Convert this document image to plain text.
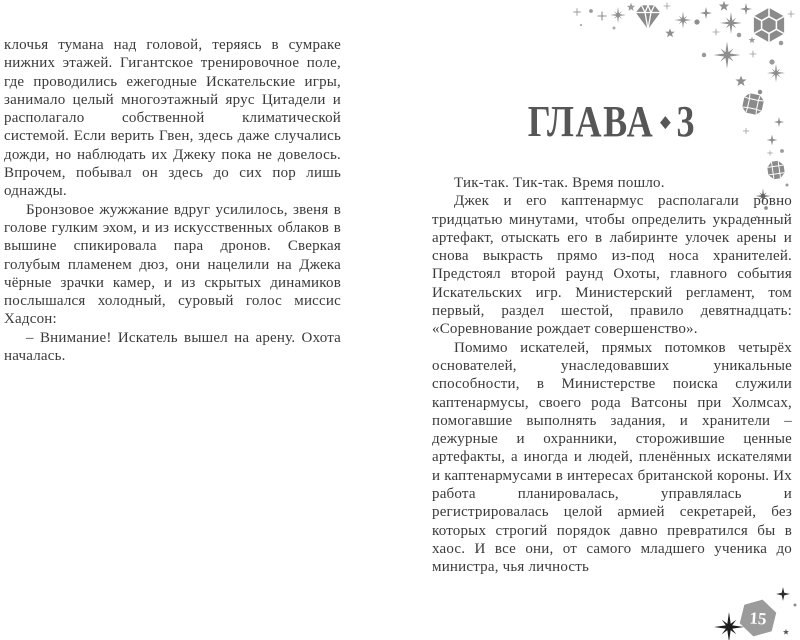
клочья тумана над головой, теряясь в сумраке нижних этажей. Гигантское тренировочное поле, где проводились ежегодные Искательские игры, занимало целый многоэтажный ярус Цитадели и располагало собственной климатической системой. Если верить Гвен, здесь даже случались дожди, но наблюдать их Джеку пока не довелось. Впрочем, побывал он здесь до сих пор лишь однажды.

Бронзовое жужжание вдруг усилилось, звеня в голове гулким эхом, и из искусственных облаков в вышине спикировала пара дронов. Сверкая голубым пламенем дюз, они нацелили на Джека чёрные зрачки камер, и из скрытых динамиков послышался холодный, суровый голос миссис Хадсон:

– Внимание! Искатель вышел на арену. Охота началась.

ГЛАВА ◆ 3

Тик-так. Тик-так. Время пошло.

Джек и его каптенармус располагали ровно тридцатью минутами, чтобы определить украденный артефакт, отыскать его в лабиринте улочек арены и снова выкрасть прямо из-под носа хранителей. Предстоял второй раунд Охоты, главного события Искательских игр. Министерский регламент, том первый, раздел шестой, правило девятнадцать: «Соревнование рождает совершенство».

Помимо искателей, прямых потомков четырёх основателей, унаследовавших уникальные способности, в Министерстве поиска служили каптенармусы, своего рода Ватсоны при Холмсах, помогавшие выполнять задания, и хранители – дежурные и охранники, сторожившие ценные артефакты, а иногда и людей, пленённых искателями и каптенармусами в интересах британской короны. Их работа планировалась, управлялась и регистрировалась целой армией секретарей, без которых строгий порядок давно превратился бы в хаос. И все они, от самого младшего ученика до министра, чья личность

15
